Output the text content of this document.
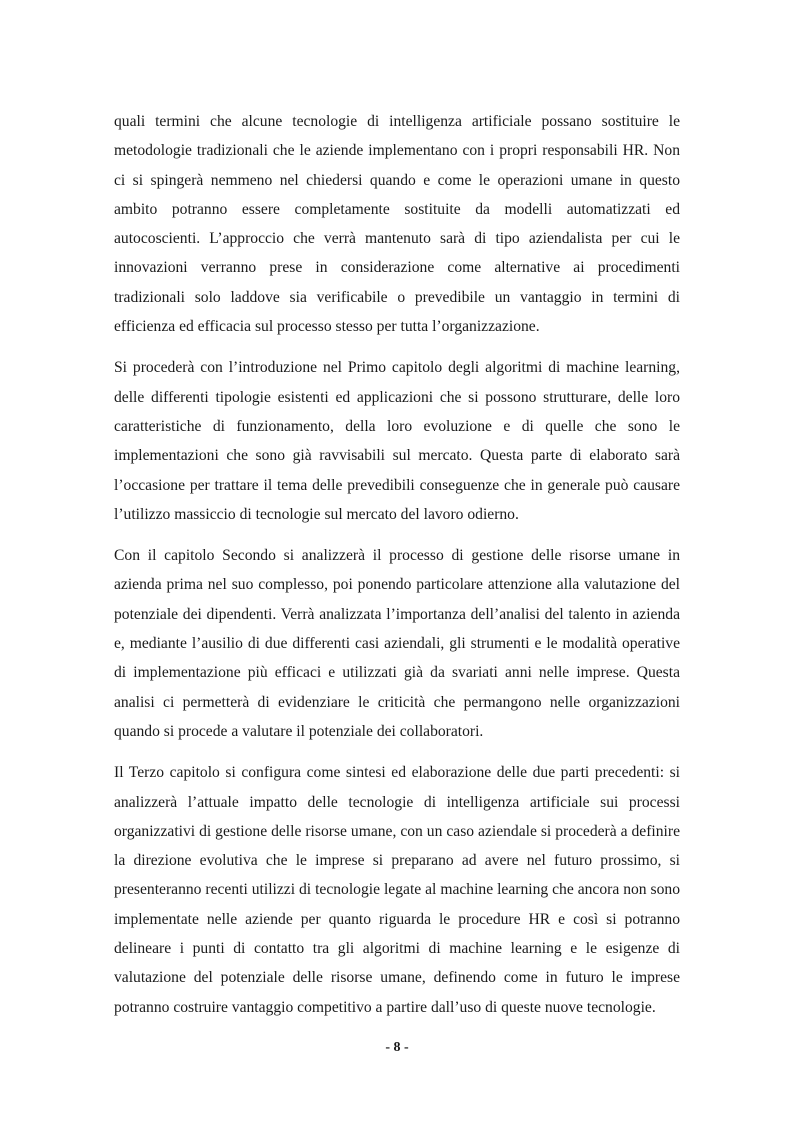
quali termini che alcune tecnologie di intelligenza artificiale possano sostituire le metodologie tradizionali che le aziende implementano con i propri responsabili HR. Non ci si spingerà nemmeno nel chiedersi quando e come le operazioni umane in questo ambito potranno essere completamente sostituite da modelli automatizzati ed autocoscienti. L’approccio che verrà mantenuto sarà di tipo aziendalista per cui le innovazioni verranno prese in considerazione come alternative ai procedimenti tradizionali solo laddove sia verificabile o prevedibile un vantaggio in termini di efficienza ed efficacia sul processo stesso per tutta l’organizzazione.

Si procederà con l’introduzione nel Primo capitolo degli algoritmi di machine learning, delle differenti tipologie esistenti ed applicazioni che si possono strutturare, delle loro caratteristiche di funzionamento, della loro evoluzione e di quelle che sono le implementazioni che sono già ravvisabili sul mercato. Questa parte di elaborato sarà l’occasione per trattare il tema delle prevedibili conseguenze che in generale può causare l’utilizzo massiccio di tecnologie sul mercato del lavoro odierno.

Con il capitolo Secondo si analizzerà il processo di gestione delle risorse umane in azienda prima nel suo complesso, poi ponendo particolare attenzione alla valutazione del potenziale dei dipendenti. Verrà analizzata l’importanza dell’analisi del talento in azienda e, mediante l’ausilio di due differenti casi aziendali, gli strumenti e le modalità operative di implementazione più efficaci e utilizzati già da svariati anni nelle imprese. Questa analisi ci permetterà di evidenziare le criticità che permangono nelle organizzazioni quando si procede a valutare il potenziale dei collaboratori.

Il Terzo capitolo si configura come sintesi ed elaborazione delle due parti precedenti: si analizzerà l’attuale impatto delle tecnologie di intelligenza artificiale sui processi organizzativi di gestione delle risorse umane, con un caso aziendale si procederà a definire la direzione evolutiva che le imprese si preparano ad avere nel futuro prossimo, si presenteranno recenti utilizzi di tecnologie legate al machine learning che ancora non sono implementate nelle aziende per quanto riguarda le procedure HR e così si potranno delineare i punti di contatto tra gli algoritmi di machine learning e le esigenze di valutazione del potenziale delle risorse umane, definendo come in futuro le imprese potranno costruire vantaggio competitivo a partire dall’uso di queste nuove tecnologie.

- 8 -
